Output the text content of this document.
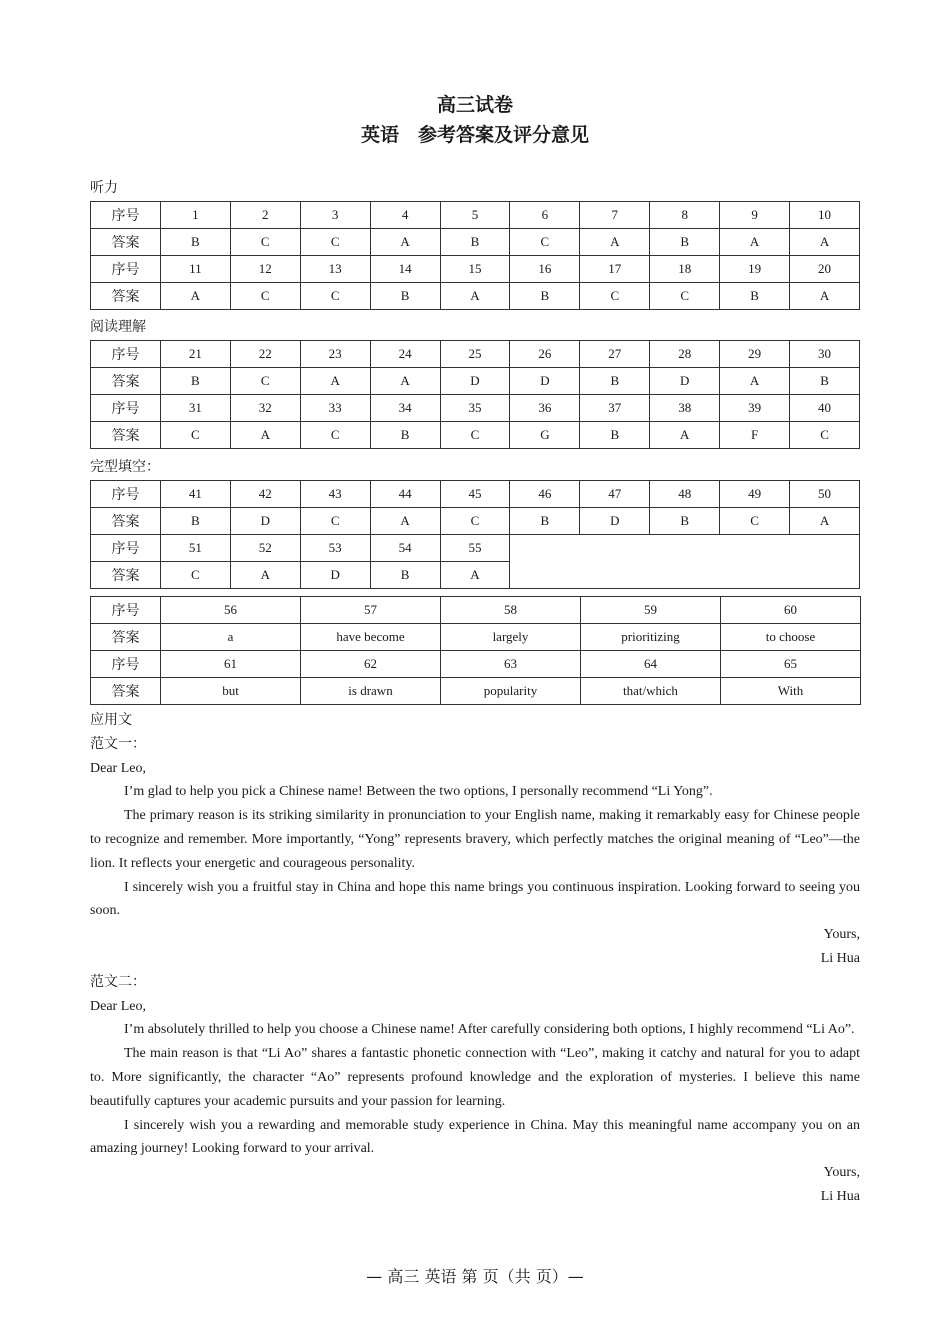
高三试卷
英语　参考答案及评分意见
听力
序号	1	2	3	4	5	6	7	8	9	10
答案	B	C	C	A	B	C	A	B	A	A
序号	11	12	13	14	15	16	17	18	19	20
答案	A	C	C	B	A	B	C	C	B	A
阅读理解
序号	21	22	23	24	25	26	27	28	29	30
答案	B	C	A	A	D	D	B	D	A	B
序号	31	32	33	34	35	36	37	38	39	40
答案	C	A	C	B	C	G	B	A	F	C
完型填空：
序号	41	42	43	44	45	46	47	48	49	50
答案	B	D	C	A	C	B	D	B	C	A
序号	51	52	53	54	55					
答案	C	A	D	B	A					
序号	56	57	58	59	60
答案	a	have become	largely	prioritizing	to choose
序号	61	62	63	64	65
答案	but	is drawn	popularity	that/which	With

应用文

范文一：

Dear Leo,

I’m glad to help you pick a Chinese name! Between the two options, I personally recommend “Li Yong”.

The primary reason is its striking similarity in pronunciation to your English name, making it remarkably easy for Chinese people to recognize and remember. More importantly, “Yong” represents bravery, which perfectly matches the original meaning of “Leo”—the lion. It reflects your energetic and courageous personality.

I sincerely wish you a fruitful stay in China and hope this name brings you continuous inspiration. Looking forward to seeing you soon.

Yours,

Li Hua

范文二：

Dear Leo,

I’m absolutely thrilled to help you choose a Chinese name! After carefully considering both options, I highly recommend “Li Ao”.

The main reason is that “Li Ao” shares a fantastic phonetic connection with “Leo”, making it catchy and natural for you to adapt to. More significantly, the character “Ao” represents profound knowledge and the exploration of mysteries. I believe this name beautifully captures your academic pursuits and your passion for learning.

I sincerely wish you a rewarding and memorable study experience in China. May this meaningful name accompany you on an amazing journey! Looking forward to your arrival.

Yours,

Li Hua

— 高三 英语 第 页（共 页）—
